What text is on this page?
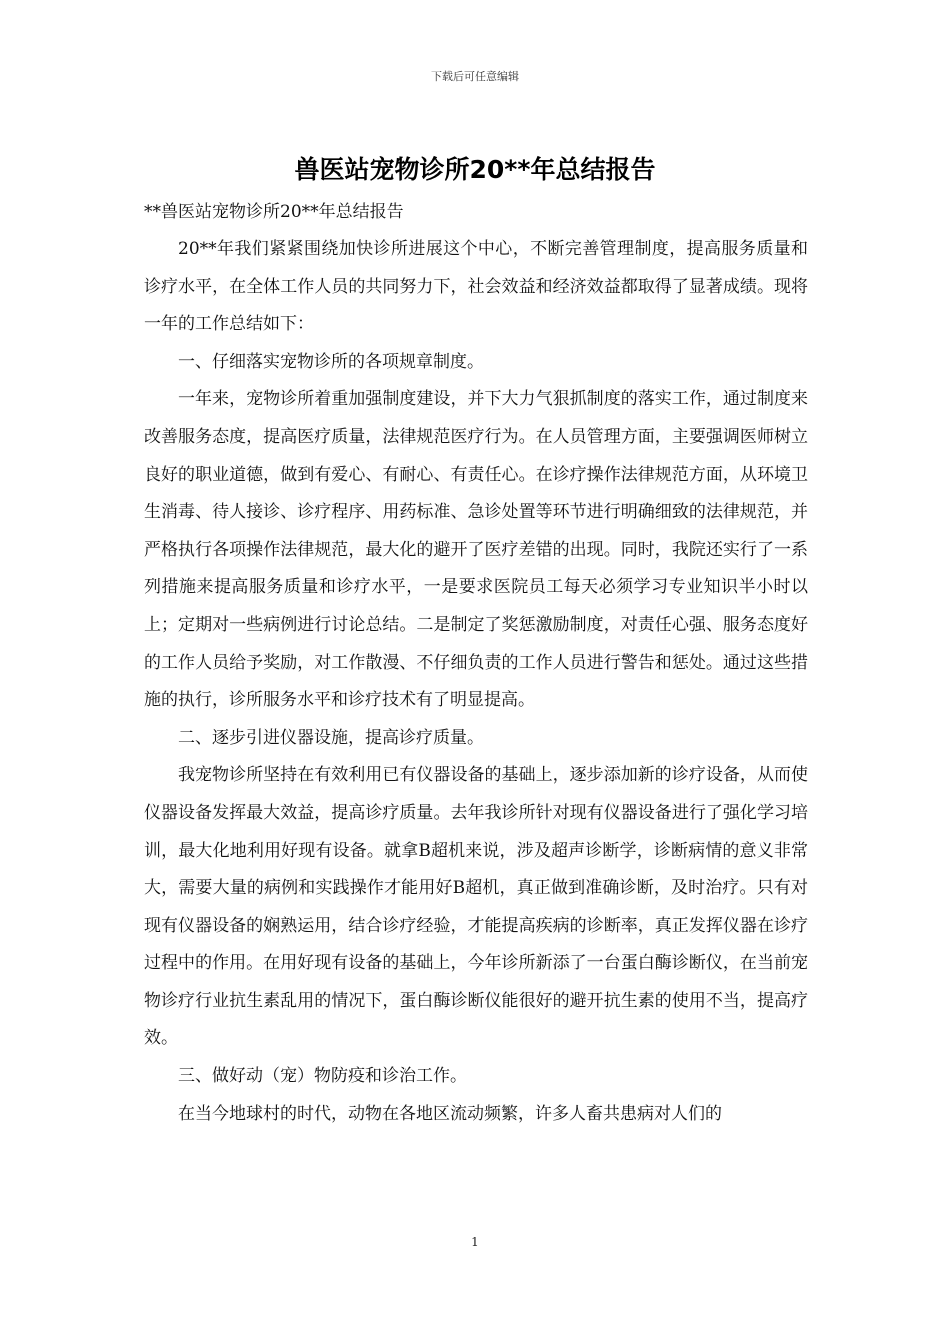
下载后可任意编辑
兽医站宠物诊所20**年总结报告

**兽医站宠物诊所20**年总结报告

20**年我们紧紧围绕加快诊所进展这个中心，不断完善管理制度，提高服务质量和诊疗水平，在全体工作人员的共同努力下，社会效益和经济效益都取得了显著成绩。现将一年的工作总结如下：

一、仔细落实宠物诊所的各项规章制度。

一年来，宠物诊所着重加强制度建设，并下大力气狠抓制度的落实工作，通过制度来改善服务态度，提高医疗质量，法律规范医疗行为。在人员管理方面，主要强调医师树立良好的职业道德，做到有爱心、有耐心、有责任心。在诊疗操作法律规范方面，从环境卫生消毒、待人接诊、诊疗程序、用药标准、急诊处置等环节进行明确细致的法律规范，并严格执行各项操作法律规范，最大化的避开了医疗差错的出现。同时，我院还实行了一系列措施来提高服务质量和诊疗水平，一是要求医院员工每天必须学习专业知识半小时以上；定期对一些病例进行讨论总结。二是制定了奖惩激励制度，对责任心强、服务态度好的工作人员给予奖励，对工作散漫、不仔细负责的工作人员进行警告和惩处。通过这些措施的执行，诊所服务水平和诊疗技术有了明显提高。

二、逐步引进仪器设施，提高诊疗质量。

我宠物诊所坚持在有效利用已有仪器设备的基础上，逐步添加新的诊疗设备，从而使仪器设备发挥最大效益，提高诊疗质量。去年我诊所针对现有仪器设备进行了强化学习培训，最大化地利用好现有设备。就拿B超机来说，涉及超声诊断学，诊断病情的意义非常大，需要大量的病例和实践操作才能用好B超机，真正做到准确诊断，及时治疗。只有对现有仪器设备的娴熟运用，结合诊疗经验，才能提高疾病的诊断率，真正发挥仪器在诊疗过程中的作用。在用好现有设备的基础上，今年诊所新添了一台蛋白酶诊断仪，在当前宠物诊疗行业抗生素乱用的情况下，蛋白酶诊断仪能很好的避开抗生素的使用不当，提高疗效。

三、做好动（宠）物防疫和诊治工作。

在当今地球村的时代，动物在各地区流动频繁，许多人畜共患病对人们的

1
